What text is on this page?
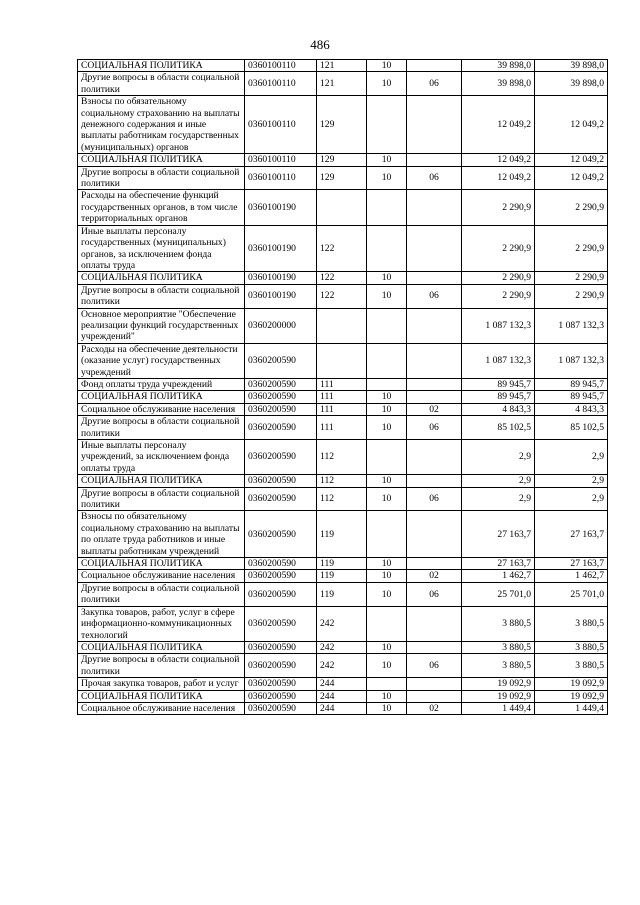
486
СОЦИАЛЬНАЯ ПОЛИТИКА	0360100110	121	10		39 898,0	39 898,0
Другие вопросы в области социальной политики	0360100110	121	10	06	39 898,0	39 898,0
Взносы по обязательному социальному страхованию на выплаты денежного содержания и иные выплаты работникам государственных (муниципальных) органов	0360100110	129			12 049,2	12 049,2
СОЦИАЛЬНАЯ ПОЛИТИКА	0360100110	129	10		12 049,2	12 049,2
Другие вопросы в области социальной политики	0360100110	129	10	06	12 049,2	12 049,2
Расходы на обеспечение функций государственных органов, в том числе территориальных органов	0360100190				2 290,9	2 290,9
Иные выплаты персоналу государственных (муниципальных) органов, за исключением фонда оплаты труда	0360100190	122			2 290,9	2 290,9
СОЦИАЛЬНАЯ ПОЛИТИКА	0360100190	122	10		2 290,9	2 290,9
Другие вопросы в области социальной политики	0360100190	122	10	06	2 290,9	2 290,9
Основное мероприятие "Обеспечение реализации функций государственных учреждений"	0360200000				1 087 132,3	1 087 132,3
Расходы на обеспечение деятельности (оказание услуг) государственных учреждений	0360200590				1 087 132,3	1 087 132,3
Фонд оплаты труда учреждений	0360200590	111			89 945,7	89 945,7
СОЦИАЛЬНАЯ ПОЛИТИКА	0360200590	111	10		89 945,7	89 945,7
Социальное обслуживание населения	0360200590	111	10	02	4 843,3	4 843,3
Другие вопросы в области социальной политики	0360200590	111	10	06	85 102,5	85 102,5
Иные выплаты персоналу учреждений, за исключением фонда оплаты труда	0360200590	112			2,9	2,9
СОЦИАЛЬНАЯ ПОЛИТИКА	0360200590	112	10		2,9	2,9
Другие вопросы в области социальной политики	0360200590	112	10	06	2,9	2,9
Взносы по обязательному социальному страхованию на выплаты по оплате труда работников и иные выплаты работникам учреждений	0360200590	119			27 163,7	27 163,7
СОЦИАЛЬНАЯ ПОЛИТИКА	0360200590	119	10		27 163,7	27 163,7
Социальное обслуживание населения	0360200590	119	10	02	1 462,7	1 462,7
Другие вопросы в области социальной политики	0360200590	119	10	06	25 701,0	25 701,0
Закупка товаров, работ, услуг в сфере информационно-коммуникационных технологий	0360200590	242			3 880,5	3 880,5
СОЦИАЛЬНАЯ ПОЛИТИКА	0360200590	242	10		3 880,5	3 880,5
Другие вопросы в области социальной политики	0360200590	242	10	06	3 880,5	3 880,5
Прочая закупка товаров, работ и услуг	0360200590	244			19 092,9	19 092,9
СОЦИАЛЬНАЯ ПОЛИТИКА	0360200590	244	10		19 092,9	19 092,9
Социальное обслуживание населения	0360200590	244	10	02	1 449,4	1 449,4
